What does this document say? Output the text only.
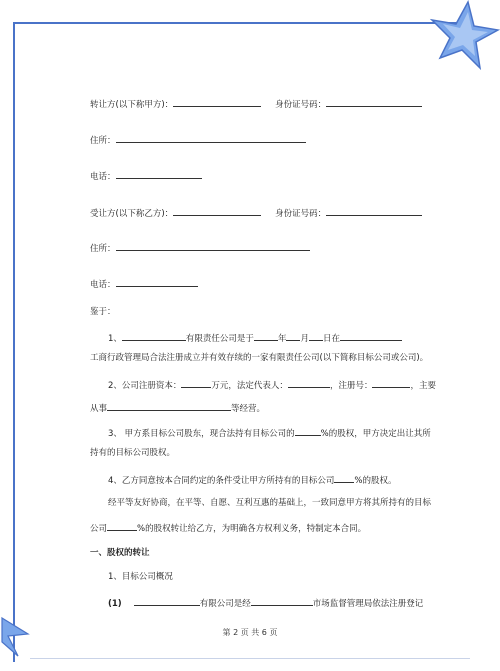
转让方(以下称甲方)：	身份证号码：
住所：
电话：
受让方(以下称乙方)：	身份证号码：
住所：
电话：
鉴于：
1、	有限责任公司是于	年 月 日在
工商行政管理局合法注册成立并有效存续的一家有限责任公司(以下简称目标公司或公司)。
2、公司注册资本：	万元，法定代表人：	，注册号：	，主要
从事	等经营。
3、 甲方系目标公司股东，现合法持有目标公司的	%的股权，甲方决定出让其所
持有的目标公司股权。
4、乙方同意按本合同约定的条件受让甲方所持有的目标公司 %的股权。
经平等友好协商，在平等、自愿、互利互惠的基础上，一致同意甲方将其所持有的目标
公司	%的股权转让给乙方，为明确各方权利义务，特制定本合同。
一、股权的转让
1、目标公司概况
(1)	有限公司是经	市场监督管理局依法注册登记
第 2 页 共 6 页
